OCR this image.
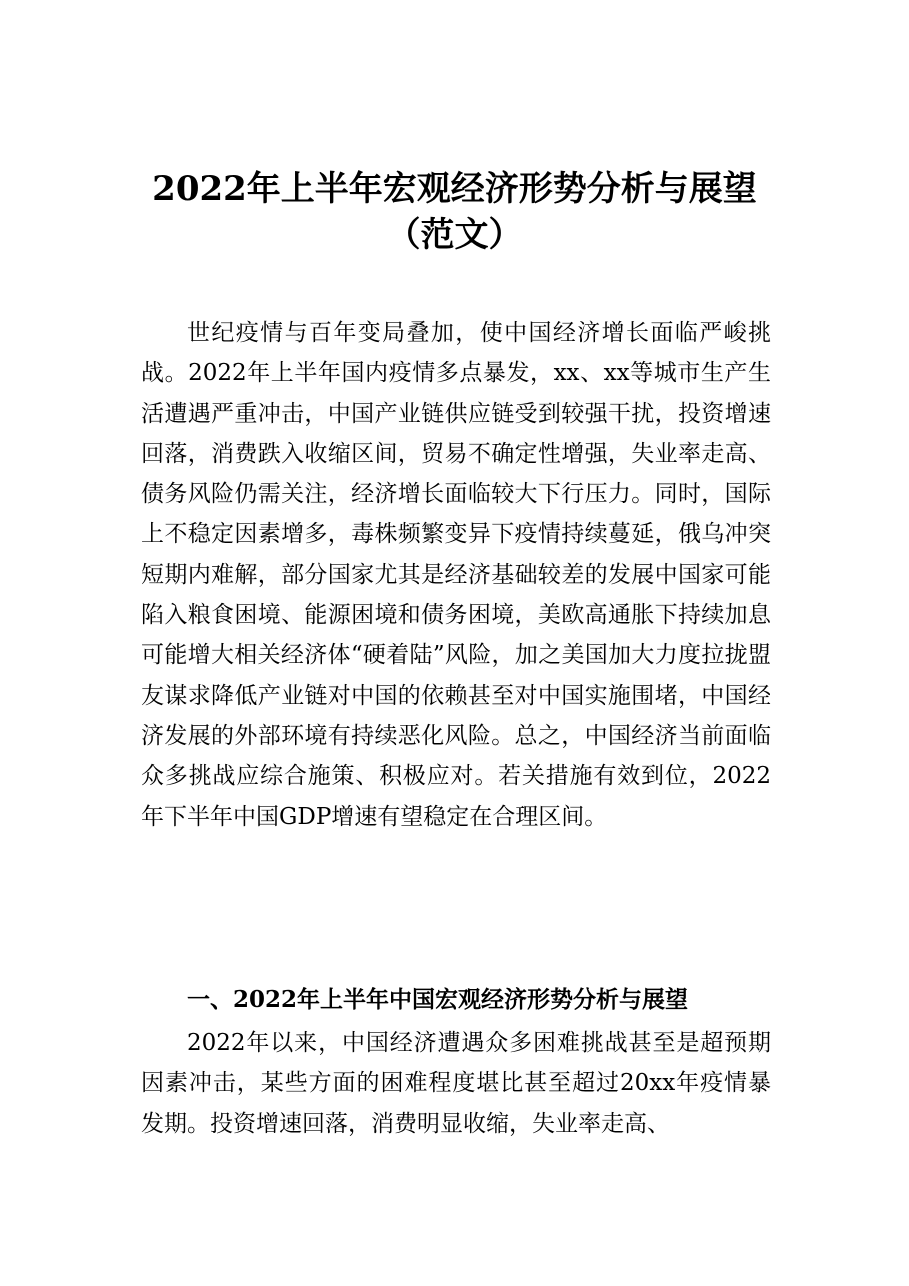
2022年上半年宏观经济形势分析与展望
（范文）
世纪疫情与百年变局叠加，使中国经济增长面临严峻挑战。2022年上半年国内疫情多点暴发，xx、xx等城市生产生活遭遇严重冲击，中国产业链供应链受到较强干扰，投资增速回落，消费跌入收缩区间，贸易不确定性增强，失业率走高、债务风险仍需关注，经济增长面临较大下行压力。同时，国际上不稳定因素增多，毒株频繁变异下疫情持续蔓延，俄乌冲突短期内难解，部分国家尤其是经济基础较差的发展中国家可能陷入粮食困境、能源困境和债务困境，美欧高通胀下持续加息可能增大相关经济体“硬着陆”风险，加之美国加大力度拉拢盟友谋求降低产业链对中国的依赖甚至对中国实施围堵，中国经济发展的外部环境有持续恶化风险。总之，中国经济当前面临众多挑战应综合施策、积极应对。若关措施有效到位，2022年下半年中国GDP增速有望稳定在合理区间。
一、2022年上半年中国宏观经济形势分析与展望
2022年以来，中国经济遭遇众多困难挑战甚至是超预期因素冲击，某些方面的困难程度堪比甚至超过20xx年疫情暴发期。投资增速回落，消费明显收缩，失业率走高、
